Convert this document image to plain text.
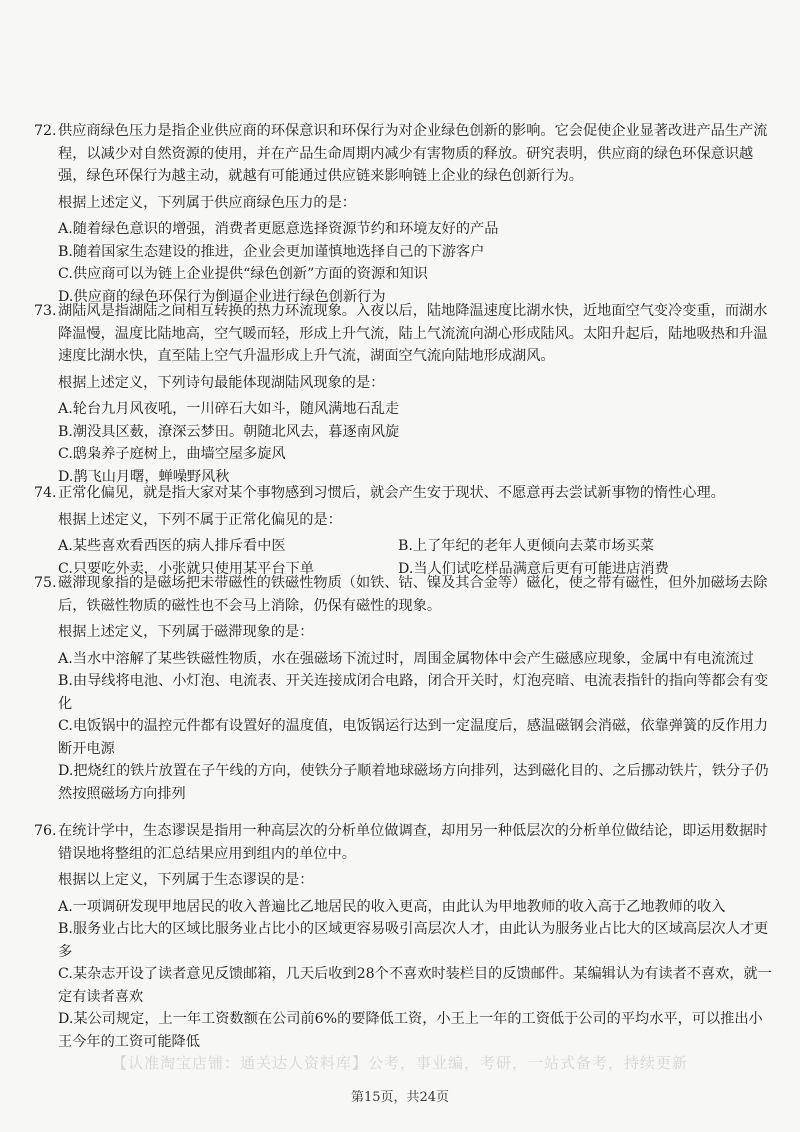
72.供应商绿色压力是指企业供应商的环保意识和环保行为对企业绿色创新的影响。它会促使企业显著改进产品生产流程，以减少对自然资源的使用，并在产品生命周期内减少有害物质的释放。研究表明，供应商的绿色环保意识越强，绿色环保行为越主动，就越有可能通过供应链来影响链上企业的绿色创新行为。

根据上述定义，下列属于供应商绿色压力的是：

A.随着绿色意识的增强，消费者更愿意选择资源节约和环境友好的产品

B.随着国家生态建设的推进，企业会更加谨慎地选择自己的下游客户

C.供应商可以为链上企业提供“绿色创新”方面的资源和知识

D.供应商的绿色环保行为倒逼企业进行绿色创新行为

73.湖陆风是指湖陆之间相互转换的热力环流现象。入夜以后，陆地降温速度比湖水快，近地面空气变冷变重，而湖水降温慢，温度比陆地高，空气暖而轻，形成上升气流，陆上气流流向湖心形成陆风。太阳升起后，陆地吸热和升温速度比湖水快，直至陆上空气升温形成上升气流，湖面空气流向陆地形成湖风。

根据上述定义，下列诗句最能体现湖陆风现象的是：

A.轮台九月风夜吼，一川碎石大如斗，随风满地石乱走

B.潮没具区薮，潦深云梦田。朝随北风去，暮逐南风旋

C.鸱枭养子庭树上，曲墙空屋多旋风

D.鹊飞山月曙，蝉噪野风秋

74.正常化偏见，就是指大家对某个事物感到习惯后，就会产生安于现状、不愿意再去尝试新事物的惰性心理。

根据上述定义，下列不属于正常化偏见的是：

A.某些喜欢看西医的病人排斥看中医	B.上了年纪的老年人更倾向去菜市场买菜
C.只要吃外卖，小张就只使用某平台下单	D.当人们试吃样品满意后更有可能进店消费

75.磁滞现象指的是磁场把未带磁性的铁磁性物质（如铁、钴、镍及其合金等）磁化，使之带有磁性，但外加磁场去除后，铁磁性物质的磁性也不会马上消除，仍保有磁性的现象。

根据上述定义，下列属于磁滞现象的是：

A.当水中溶解了某些铁磁性物质，水在强磁场下流过时，周围金属物体中会产生磁感应现象，金属中有电流流过

B.由导线将电池、小灯泡、电流表、开关连接成闭合电路，闭合开关时，灯泡亮暗、电流表指针的指向等都会有变化

C.电饭锅中的温控元件都有设置好的温度值，电饭锅运行达到一定温度后，感温磁钢会消磁，依靠弹簧的反作用力断开电源

D.把烧红的铁片放置在子午线的方向，使铁分子顺着地球磁场方向排列，达到磁化目的、之后挪动铁片，铁分子仍然按照磁场方向排列

76.在统计学中，生态谬误是指用一种高层次的分析单位做调查，却用另一种低层次的分析单位做结论，即运用数据时错误地将整组的汇总结果应用到组内的单位中。

根据以上定义，下列属于生态谬误的是：

A.一项调研发现甲地居民的收入普遍比乙地居民的收入更高，由此认为甲地教师的收入高于乙地教师的收入

B.服务业占比大的区域比服务业占比小的区域更容易吸引高层次人才，由此认为服务业占比大的区域高层次人才更多

C.某杂志开设了读者意见反馈邮箱，几天后收到28个不喜欢时装栏目的反馈邮件。某编辑认为有读者不喜欢，就一定有读者喜欢

D.某公司规定，上一年工资数额在公司前6%的要降低工资，小王上一年的工资低于公司的平均水平，可以推出小王今年的工资可能降低

【认准淘宝店铺：通关达人资料库】公考，事业编，考研，一站式备考，持续更新
第15页，共24页
